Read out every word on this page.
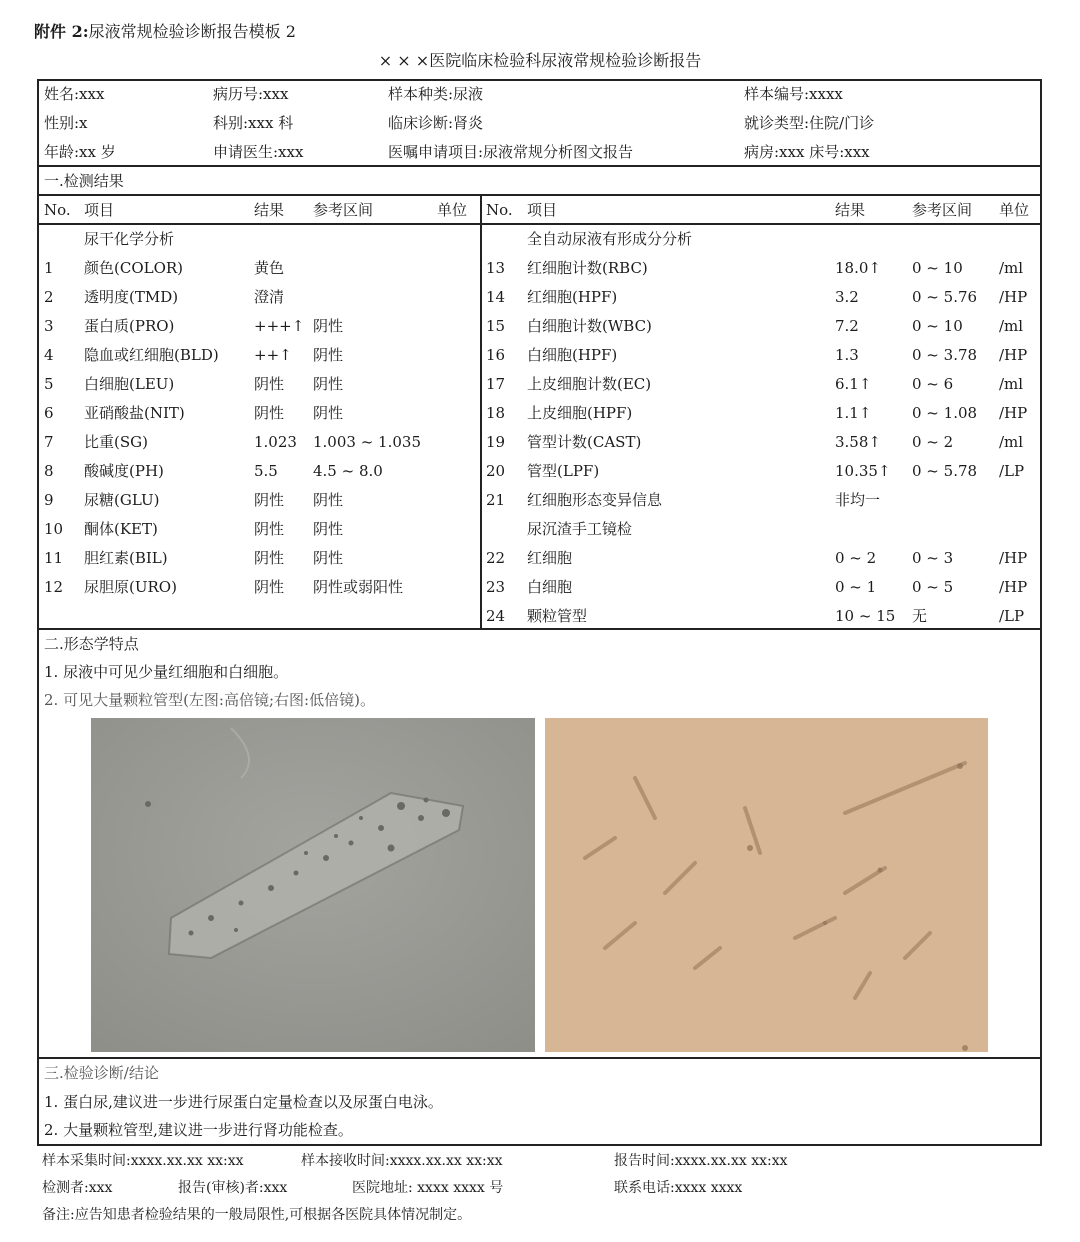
附件 2:尿液常规检验诊断报告模板 2
× × ×医院临床检验科尿液常规检验诊断报告
姓名:xxx	病历号:xxx	样本种类:尿液	样本编号:xxxx
性别:x	科别:xxx 科	临床诊断:肾炎	就诊类型:住院/门诊
年龄:xx 岁	申请医生:xxx	医嘱申请项目:尿液常规分析图文报告	病房:xxx 床号:xxx
一.检测结果
No. 项目	结果 参考区间	单位 No. 项目	结果	参考区间 单位
尿干化学分析
1 颜色(COLOR)	黄色
2 透明度(TMD)	澄清
3 蛋白质(PRO)	+++↑ 阴性
4 隐血或红细胞(BLD) ++↑ 阴性
5 白细胞(LEU)	阴性 阴性
6 亚硝酸盐(NIT)	阴性 阴性
7 比重(SG)	1.023 1.003 ~ 1.035
8 酸碱度(PH)	5.5 4.5 ~ 8.0
9 尿糖(GLU)	阴性 阴性
10 酮体(KET)	阴性 阴性
11 胆红素(BIL)	阴性 阴性
12 尿胆原(URO)	阴性 阴性或弱阳性
全自动尿液有形成分分析
尿沉渣手工镜检
13 红细胞计数(RBC)	18.0↑ 0 ~ 10 /ml
14 红细胞(HPF)	3.2	0 ~ 5.76 /HP
15 白细胞计数(WBC)	7.2	0 ~ 10 /ml
16 白细胞(HPF)	1.3	0 ~ 3.78 /HP
17 上皮细胞计数(EC)	6.1↑	0 ~ 6	/ml
18 上皮细胞(HPF)	1.1↑	0 ~ 1.08 /HP
19 管型计数(CAST)	3.58↑ 0 ~ 2	/ml
20 管型(LPF)	10.35↑ 0 ~ 5.78 /LP
21 红细胞形态变异信息	非均一
22 红细胞	0 ~ 2 0 ~ 3	/HP
23 白细胞	0 ~ 1 0 ~ 5	/HP
24 颗粒管型	10 ~ 15 无	/LP
二.形态学特点
1. 尿液中可见少量红细胞和白细胞。
2. 可见大量颗粒管型(左图:高倍镜;右图:低倍镜)。
三.检验诊断/结论
1. 蛋白尿,建议进一步进行尿蛋白定量检查以及尿蛋白电泳。
2. 大量颗粒管型,建议进一步进行肾功能检查。
样本采集时间:xxxx.xx.xx xx:xx	样本接收时间:xxxx.xx.xx xx:xx	报告时间:xxxx.xx.xx xx:xx
检测者:xxx	报告(审核)者:xxx	医院地址: xxxx xxxx 号	联系电话:xxxx xxxx
备注:应告知患者检验结果的一般局限性,可根据各医院具体情况制定。
